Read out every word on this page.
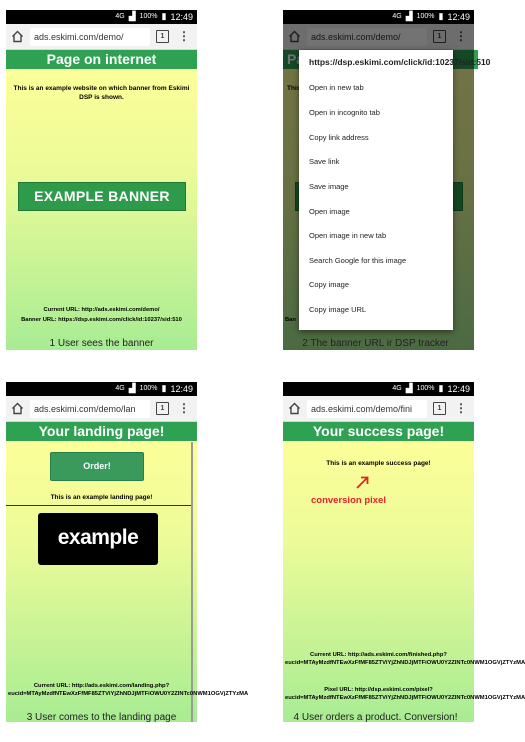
4G ▟ 100% ▮ 12:49
ads.eskimi.com/demo/	1	⋮
Page on internet
This is an example website on which banner from Eskimi DSP is shown.
EXAMPLE BANNER
Current URL: http://ads.eskimi.com/demo/
Banner URL: https://dsp.eskimi.com/click/id:10237/sid:510
1 User sees the banner
4G ▟ 100% ▮ 12:49
https://dsp.eskimi.com/click/id:10237/sid:510
Open in new tab
Open in incognito tab
Copy link address
Save link
Save image
Open image
Open image in new tab
Search Google for this image
Copy image
Copy image URL
2 The banner URL ir DSP tracker
4G ▟ 100% ▮ 12:49
ads.eskimi.com/demo/lan	1	⋮
Your landing page!
Order!
This is an example landing page!
example
Current URL: http://ads.eskimi.com/landing.php?eucid=MTAyMzdfNTEwXzFfMF85ZTViYjZhNDJjMTFiOWU0Y2ZlNTc0NWM1OGVjZTYzMA
3 User comes to the landing page
4G ▟ 100% ▮ 12:49
ads.eskimi.com/demo/fini	1	⋮
Your success page!
This is an example success page!
conversion pixel
Current URL: http://ads.eskimi.com/finished.php?eucid=MTAyMzdfNTEwXzFfMF85ZTViYjZhNDJjMTFiOWU0Y2ZlNTc0NWM1OGVjZTYzMA
Pixel URL: http://dsp.eskimi.com/pixel?eucid=MTAyMzdfNTEwXzFfMF85ZTViYjZhNDJjMTFiOWU0Y2ZlNTc0NWM1OGVjZTYzMA
4 User orders a product. Conversion!
